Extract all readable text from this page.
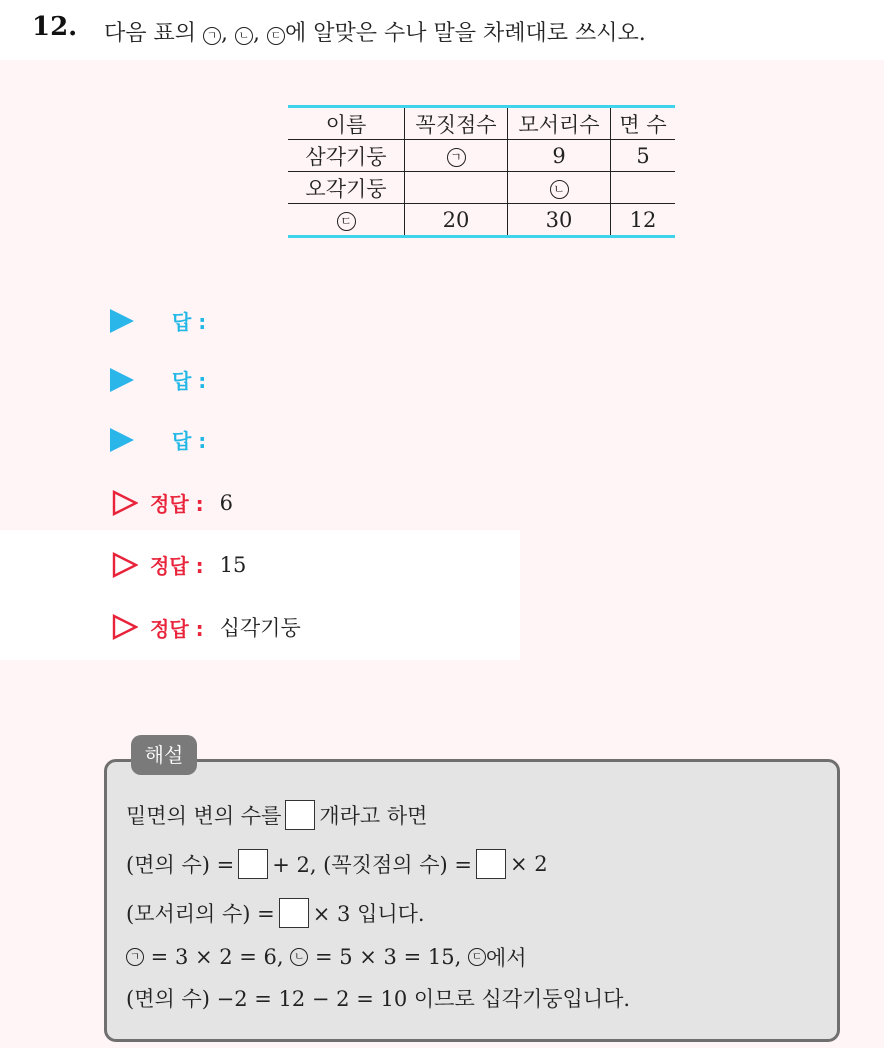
12. 다음 표의 ㄱ , ㄴ , ㄷ 에 알맞은 수나 말을 차례대로 쓰시오.
이름	꼭짓점수	모서리수	면 수
삼각기둥	ㄱ	9	5
오각기둥		ㄴ	
ㄷ	20	30	12
답 :
답 :
답 :
정답 : 6
정답 : 15
정답 : 십각기둥
해설
밑면의 변의 수를 개라고 하면
(면의 수) = + 2, (꼭짓점의 수) = × 2
(모서리의 수) = × 3 입니다.
ㄱ = 3 × 2 = 6, ㄴ = 5 × 3 = 15, ㄷ 에서
(면의 수) −2 = 12 − 2 = 10 이므로 십각기둥입니다.
